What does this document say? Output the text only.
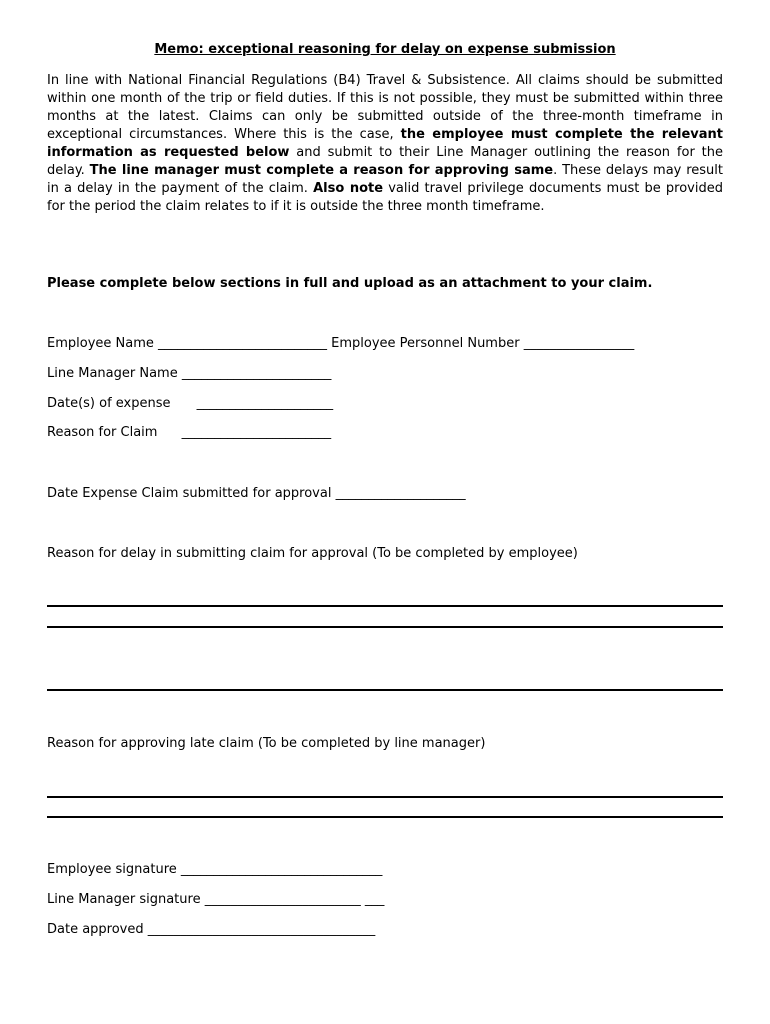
Memo: exceptional reasoning for delay on expense submission

In line with National Financial Regulations (B4) Travel & Subsistence. All claims should be submitted within one month of the trip or field duties. If this is not possible, they must be submitted within three months at the latest. Claims can only be submitted outside of the three-month timeframe in exceptional circumstances. Where this is the case, the employee must complete the relevant information as requested below and submit to their Line Manager outlining the reason for the delay. The line manager must complete a reason for approving same. These delays may result in a delay in the payment of the claim. Also note valid travel privilege documents must be provided for the period the claim relates to if it is outside the three month timeframe.

Please complete below sections in full and upload as an attachment to your claim.

Employee Name __________________________ Employee Personnel Number _________________
Line Manager Name _______________________
Date(s) of expense _____________________
Reason for Claim _______________________
Date Expense Claim submitted for approval ____________________
Reason for delay in submitting claim for approval (To be completed by employee)
Reason for approving late claim (To be completed by line manager)
Employee signature _______________________________
Line Manager signature ________________________ ___
Date approved ___________________________________
